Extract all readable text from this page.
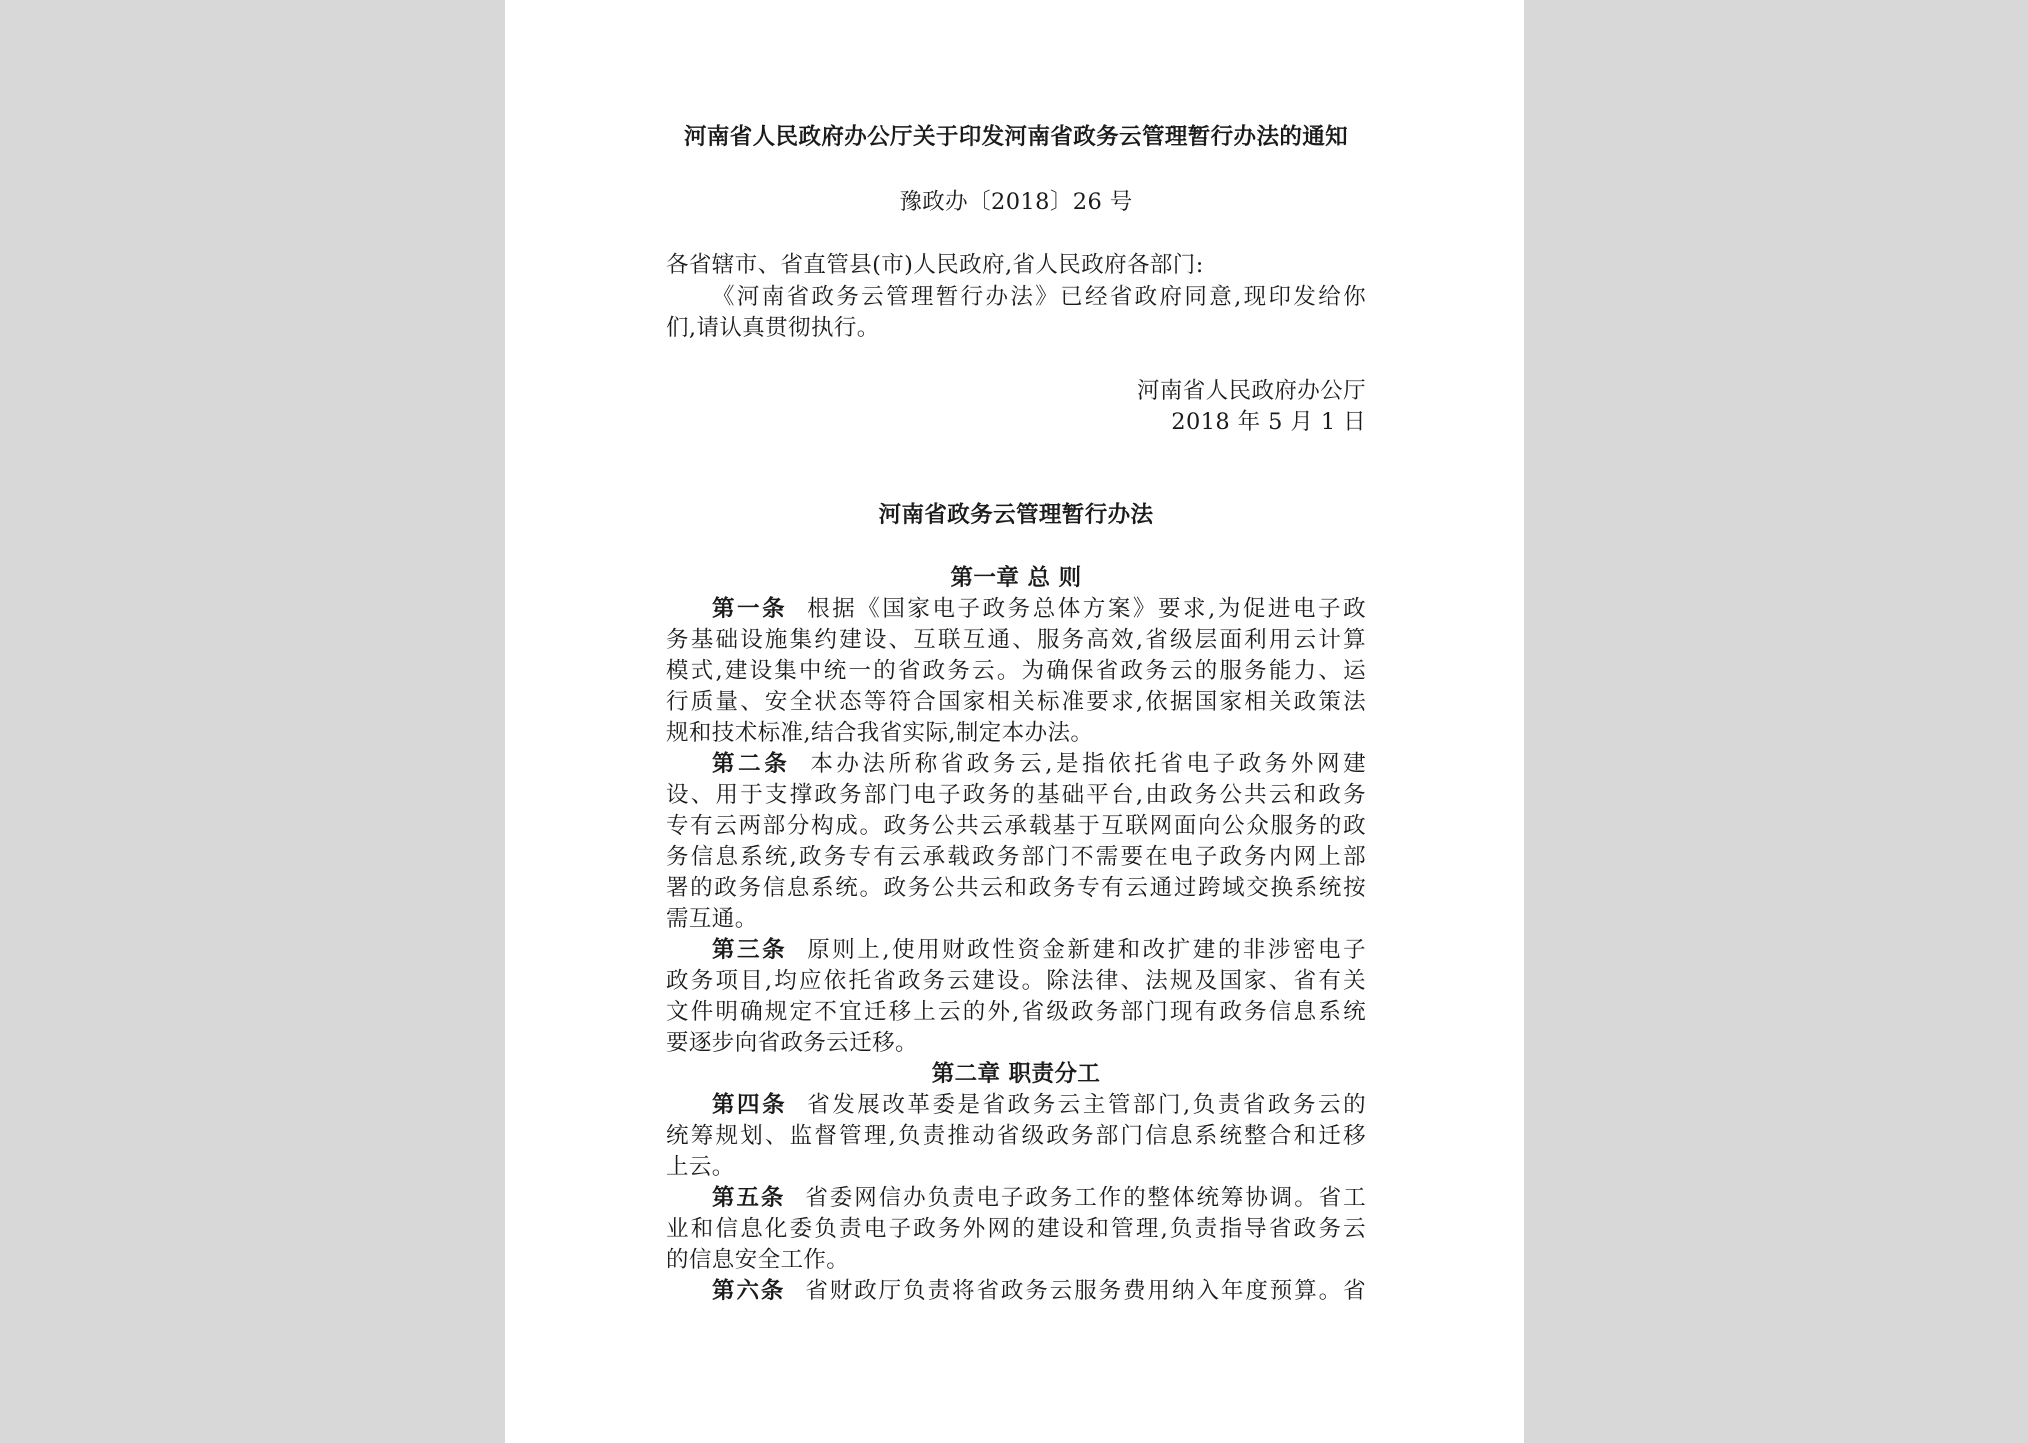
河南省人民政府办公厅关于印发河南省政务云管理暂行办法的通知
豫政办〔2018〕26 号
各省辖市、省直管县(市)人民政府,省人民政府各部门:
《河南省政务云管理暂行办法》已经省政府同意,现印发给你
们,请认真贯彻执行。
河南省人民政府办公厅
2018 年 5 月 1 日
河南省政务云管理暂行办法
第一章 总 则
第一条 根据《国家电子政务总体方案》要求,为促进电子政
务基础设施集约建设、互联互通、服务高效,省级层面利用云计算
模式,建设集中统一的省政务云。为确保省政务云的服务能力、运
行质量、安全状态等符合国家相关标准要求,依据国家相关政策法
规和技术标准,结合我省实际,制定本办法。
第二条 本办法所称省政务云,是指依托省电子政务外网建
设、用于支撑政务部门电子政务的基础平台,由政务公共云和政务
专有云两部分构成。政务公共云承载基于互联网面向公众服务的政
务信息系统,政务专有云承载政务部门不需要在电子政务内网上部
署的政务信息系统。政务公共云和政务专有云通过跨域交换系统按
需互通。
第三条 原则上,使用财政性资金新建和改扩建的非涉密电子
政务项目,均应依托省政务云建设。除法律、法规及国家、省有关
文件明确规定不宜迁移上云的外,省级政务部门现有政务信息系统
要逐步向省政务云迁移。
第二章 职责分工
第四条 省发展改革委是省政务云主管部门,负责省政务云的
统筹规划、监督管理,负责推动省级政务部门信息系统整合和迁移
上云。
第五条 省委网信办负责电子政务工作的整体统筹协调。省工
业和信息化委负责电子政务外网的建设和管理,负责指导省政务云
的信息安全工作。
第六条 省财政厅负责将省政务云服务费用纳入年度预算。省
